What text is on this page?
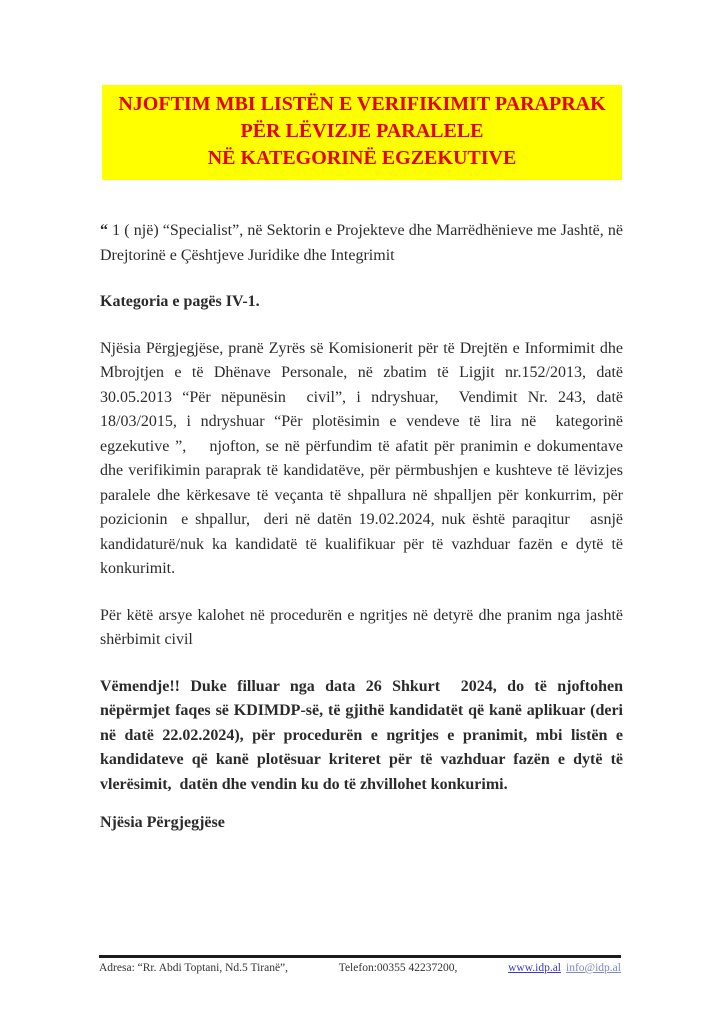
NJOFTIM MBI LISTËN E VERIFIKIMIT PARAPRAK
PËR LËVIZJE PARALELE
NË KATEGORINË EGZEKUTIVE

“ 1 ( një) “Specialist”, në Sektorin e Projekteve dhe Marrëdhënieve me Jashtë, në Drejtorinë e Çështjeve Juridike dhe Integrimit

Kategoria e pagës IV-1.

Njësia Përgjegjëse, pranë Zyrës së Komisionerit për të Drejtën e Informimit dhe Mbrojtjen e të Dhënave Personale, në zbatim të Ligjit nr.152/2013, datë 30.05.2013 “Për nëpunësin  civil”, i ndryshuar,  Vendimit Nr. 243, datë 18/03/2015, i ndryshuar “Për plotësimin e vendeve të lira në  kategorinë egzekutive ”,    njofton, se në përfundim të afatit për pranimin e dokumentave dhe verifikimin paraprak të kandidatëve, për përmbushjen e kushteve të lëvizjes paralele dhe kërkesave të veçanta të shpallura në shpalljen për konkurrim, për pozicionin  e shpallur,  deri në datën 19.02.2024, nuk është paraqitur   asnjë kandidaturë/nuk ka kandidatë të kualifikuar për të vazhduar fazën e dytë të konkurimit.

Për këtë arsye kalohet në procedurën e ngritjes në detyrë dhe pranim nga jashtë shërbimit civil

Vëmendje!! Duke filluar nga data 26 Shkurt  2024, do të njoftohen nëpërmjet faqes së KDIMDP-së, të gjithë kandidatët që kanë aplikuar (deri në datë 22.02.2024), për procedurën e ngritjes e pranimit, mbi listën e kandidateve që kanë plotësuar kriteret për të vazhduar fazën e dytë të vlerësimit,  datën dhe vendin ku do të zhvillohet konkurimi.

Njësia Përgjegjëse

Adresa: “Rr. Abdi Toptani, Nd.5 Tiranë”,	Telefon:00355 42237200,	www.idp.al info@idp.al
